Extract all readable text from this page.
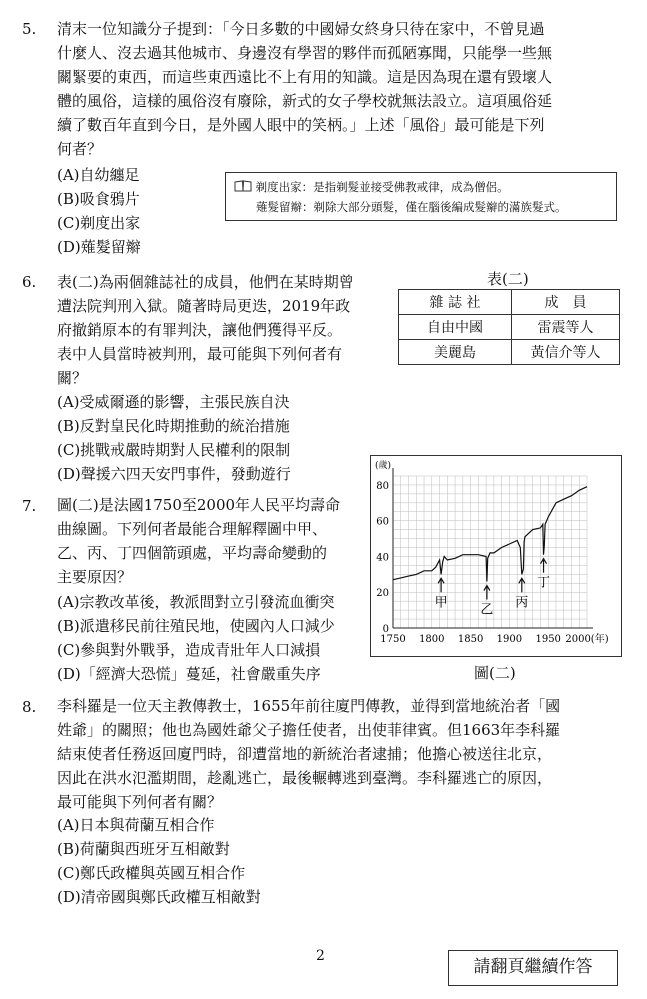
5. 清末一位知識分子提到：「今日多數的中國婦女終身只待在家中，不曾見過

什麼人、沒去過其他城市、身邊沒有學習的夥伴而孤陋寡聞，只能學一些無

關緊要的東西，而這些東西遠比不上有用的知識。這是因為現在還有毀壞人

體的風俗，這樣的風俗沒有廢除，新式的女子學校就無法設立。這項風俗延

續了數百年直到今日，是外國人眼中的笑柄。」上述「風俗」最可能是下列

何者？

(A)自幼纏足
(B)吸食鴉片
(C)剃度出家
(D)薙髮留辮
剃度出家：是指剃髮並接受佛教戒律，成為僧侶。
薙髮留辮：剃除大部分頭髮，僅在腦後編成髮辮的滿族髮式。
6. 表(二)為兩個雜誌社的成員，他們在某時期曾

遭法院判刑入獄。隨著時局更迭，2019年政

府撤銷原本的有罪判決，讓他們獲得平反。

表中人員當時被判刑，最可能與下列何者有

關？

(A)受威爾遜的影響，主張民族自決
(B)反對皇民化時期推動的統治措施
(C)挑戰戒嚴時期對人民權利的限制
(D)聲援六四天安門事件，發動遊行
表(二)
雜 誌 社	成　員
自由中國	雷震等人
美麗島	黃信介等人
7. 圖(二)是法國1750至2000年人民平均壽命

曲線圖。下列何者最能合理解釋圖中甲、

乙、丙、丁四個箭頭處，平均壽命變動的

主要原因？

(A)宗教改革後，教派間對立引發流血衝突
(B)派遣移民前往殖民地，使國內人口減少
(C)參與對外戰爭，造成青壯年人口減損
(D)「經濟大恐慌」蔓延，社會嚴重失序
1750 1800 1850 1900 1950 2000(年)
0
20
40
60
80
(歲)
甲	乙 丙
丁
圖(二)
8. 李科羅是一位天主教傳教士，1655年前往廈門傳教，並得到當地統治者「國

姓爺」的關照；他也為國姓爺父子擔任使者，出使菲律賓。但1663年李科羅

結束使者任務返回廈門時，卻遭當地的新統治者逮捕；他擔心被送往北京，

因此在洪水氾濫期間，趁亂逃亡，最後輾轉逃到臺灣。李科羅逃亡的原因，

最可能與下列何者有關？

(A)日本與荷蘭互相合作
(B)荷蘭與西班牙互相敵對
(C)鄭氏政權與英國互相合作
(D)清帝國與鄭氏政權互相敵對
2
請翻頁繼續作答
